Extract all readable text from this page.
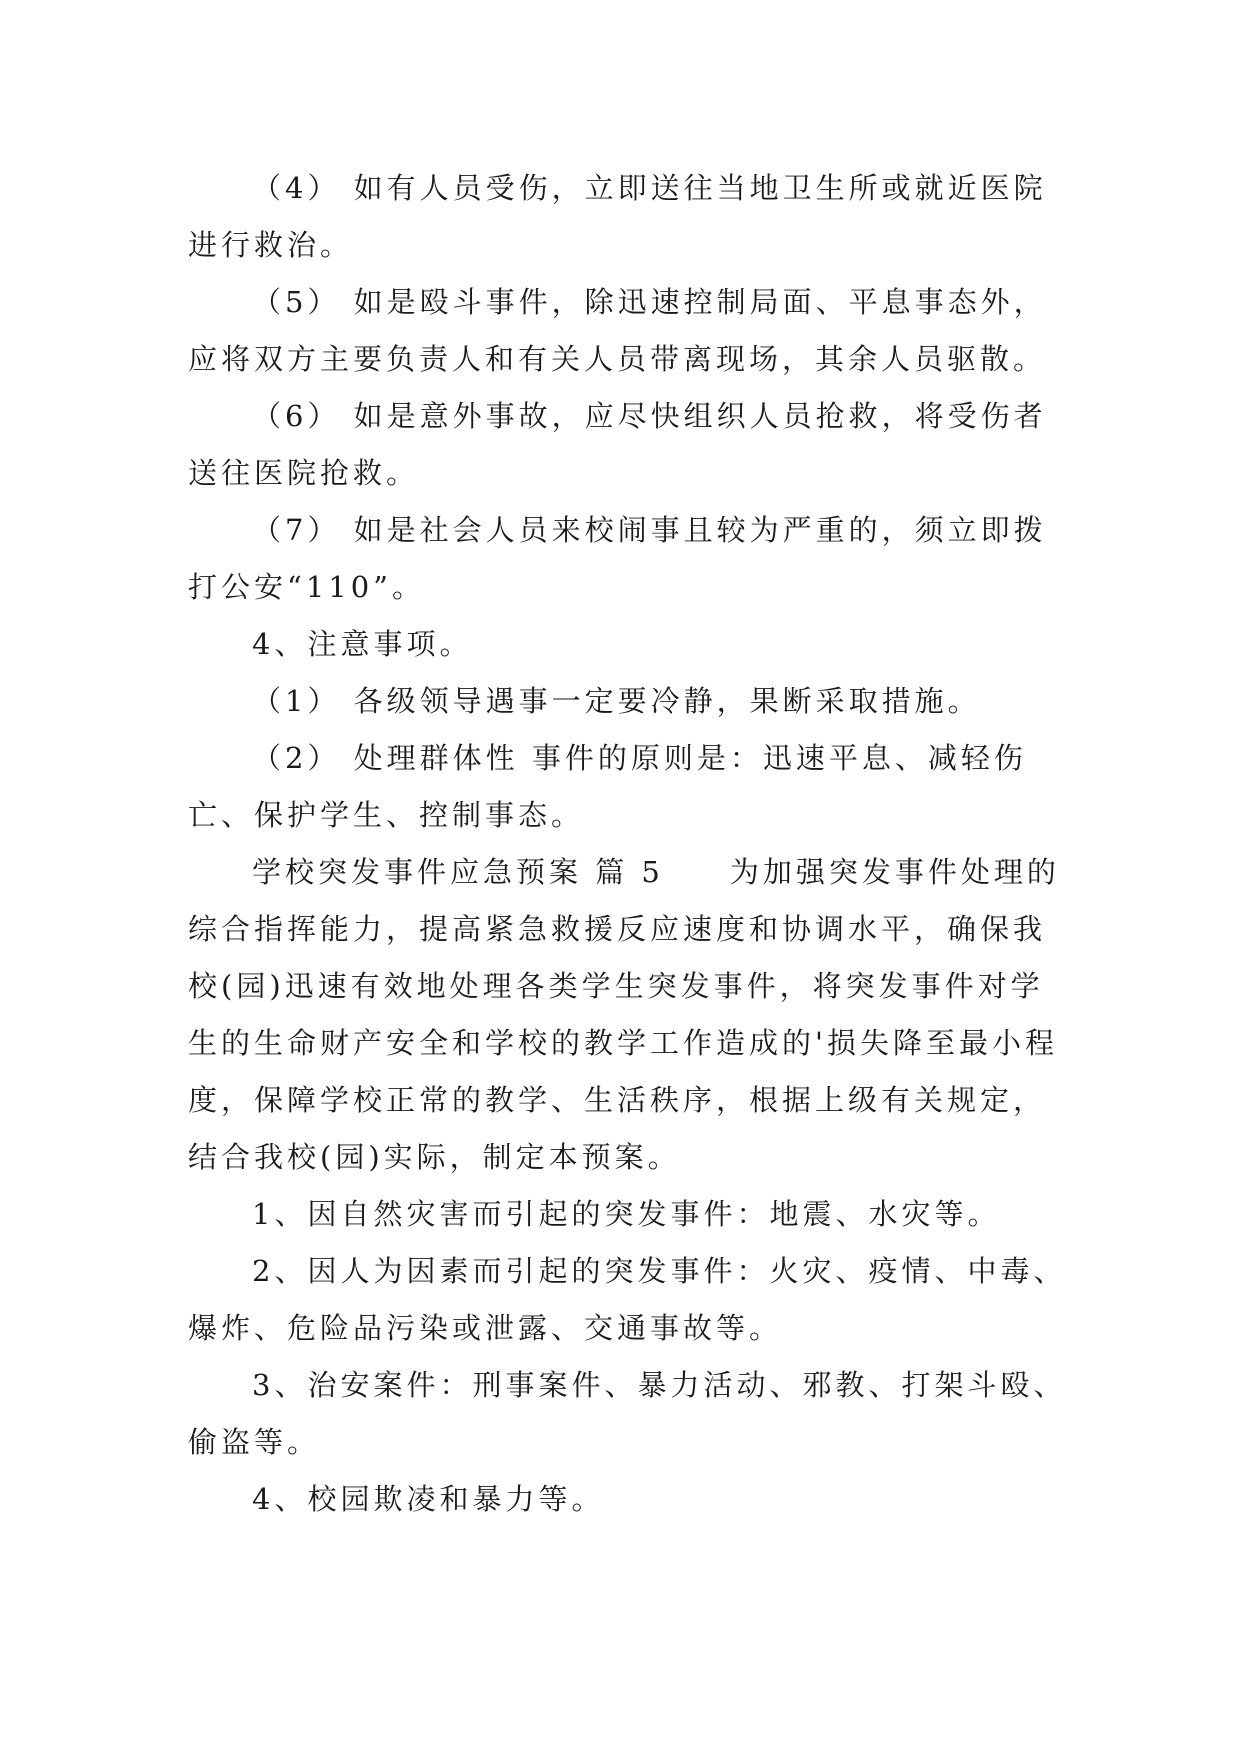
（4） 如有人员受伤，立即送往当地卫生所或就近医院进行救治。

（5） 如是殴斗事件，除迅速控制局面、平息事态外，应将双方主要负责人和有关人员带离现场，其余人员驱散。

（6） 如是意外事故，应尽快组织人员抢救，将受伤者送往医院抢救。

（7） 如是社会人员来校闹事且较为严重的，须立即拨打公安“110”。

4、注意事项。

（1） 各级领导遇事一定要冷静，果断采取措施。

（2） 处理群体性 事件的原则是：迅速平息、减轻伤亡、保护学生、控制事态。

学校突发事件应急预案 篇 5　　为加强突发事件处理的综合指挥能力，提高紧急救援反应速度和协调水平，确保我校(园)迅速有效地处理各类学生突发事件，将突发事件对学生的生命财产安全和学校的教学工作造成的'损失降至最小程度，保障学校正常的教学、生活秩序，根据上级有关规定，结合我校(园)实际，制定本预案。

1、因自然灾害而引起的突发事件：地震、水灾等。

2、因人为因素而引起的突发事件：火灾、疫情、中毒、爆炸、危险品污染或泄露、交通事故等。

3、治安案件：刑事案件、暴力活动、邪教、打架斗殴、偷盗等。

4、校园欺凌和暴力等。
